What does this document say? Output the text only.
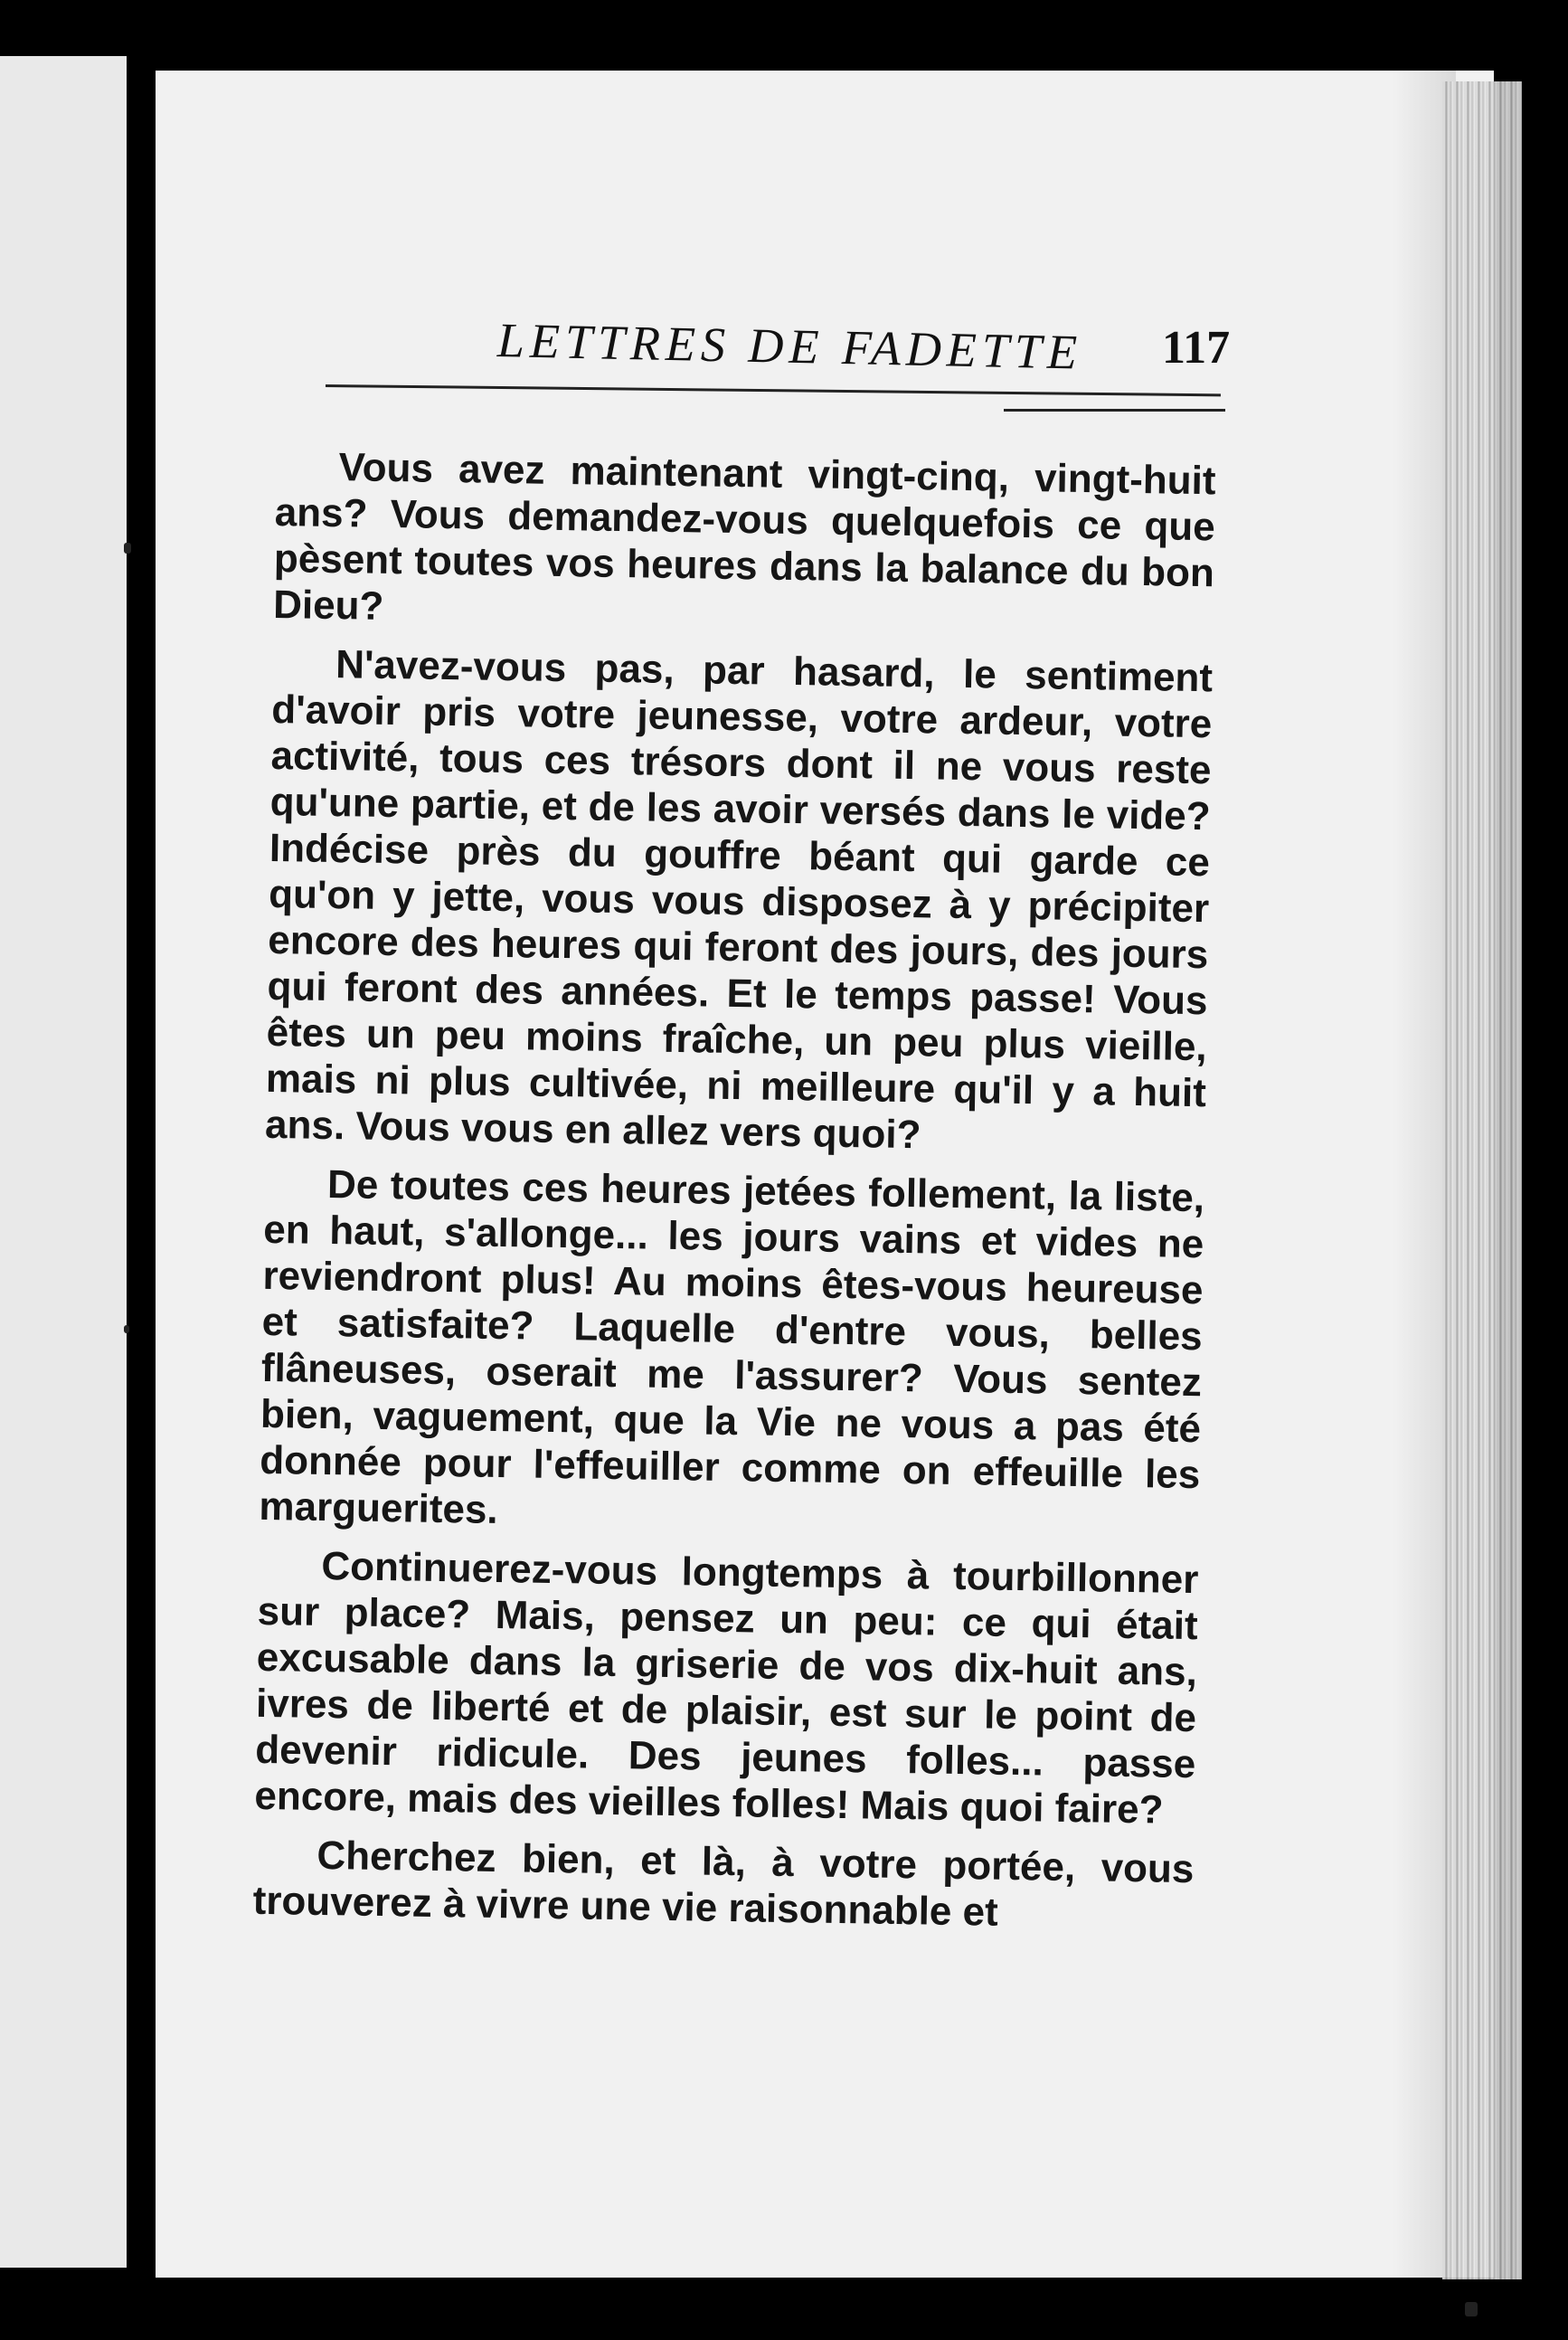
LETTRES DE FADETTE 117

Vous avez maintenant vingt-cinq, vingt-huit ans? Vous demandez-vous quelquefois ce que pèsent toutes vos heures dans la balance du bon Dieu?

N'avez-vous pas, par hasard, le sentiment d'avoir pris votre jeunesse, votre ardeur, votre activité, tous ces trésors dont il ne vous reste qu'une partie, et de les avoir versés dans le vide? Indécise près du gouffre béant qui garde ce qu'on y jette, vous vous disposez à y précipiter encore des heures qui feront des jours, des jours qui feront des années. Et le temps passe! Vous êtes un peu moins fraîche, un peu plus vieille, mais ni plus cultivée, ni meilleure qu'il y a huit ans. Vous vous en allez vers quoi?

De toutes ces heures jetées follement, la liste, en haut, s'allonge... les jours vains et vides ne reviendront plus! Au moins êtes-vous heureuse et satisfaite? Laquelle d'entre vous, belles flâneuses, oserait me l'assurer? Vous sentez bien, vaguement, que la Vie ne vous a pas été donnée pour l'effeuiller comme on effeuille les marguerites.

Continuerez-vous longtemps à tourbillonner sur place? Mais, pensez un peu: ce qui était excusable dans la griserie de vos dix-huit ans, ivres de liberté et de plaisir, est sur le point de devenir ridicule. Des jeunes folles... passe encore, mais des vieilles folles! Mais quoi faire?

Cherchez bien, et là, à votre portée, vous trouverez à vivre une vie raisonnable et
